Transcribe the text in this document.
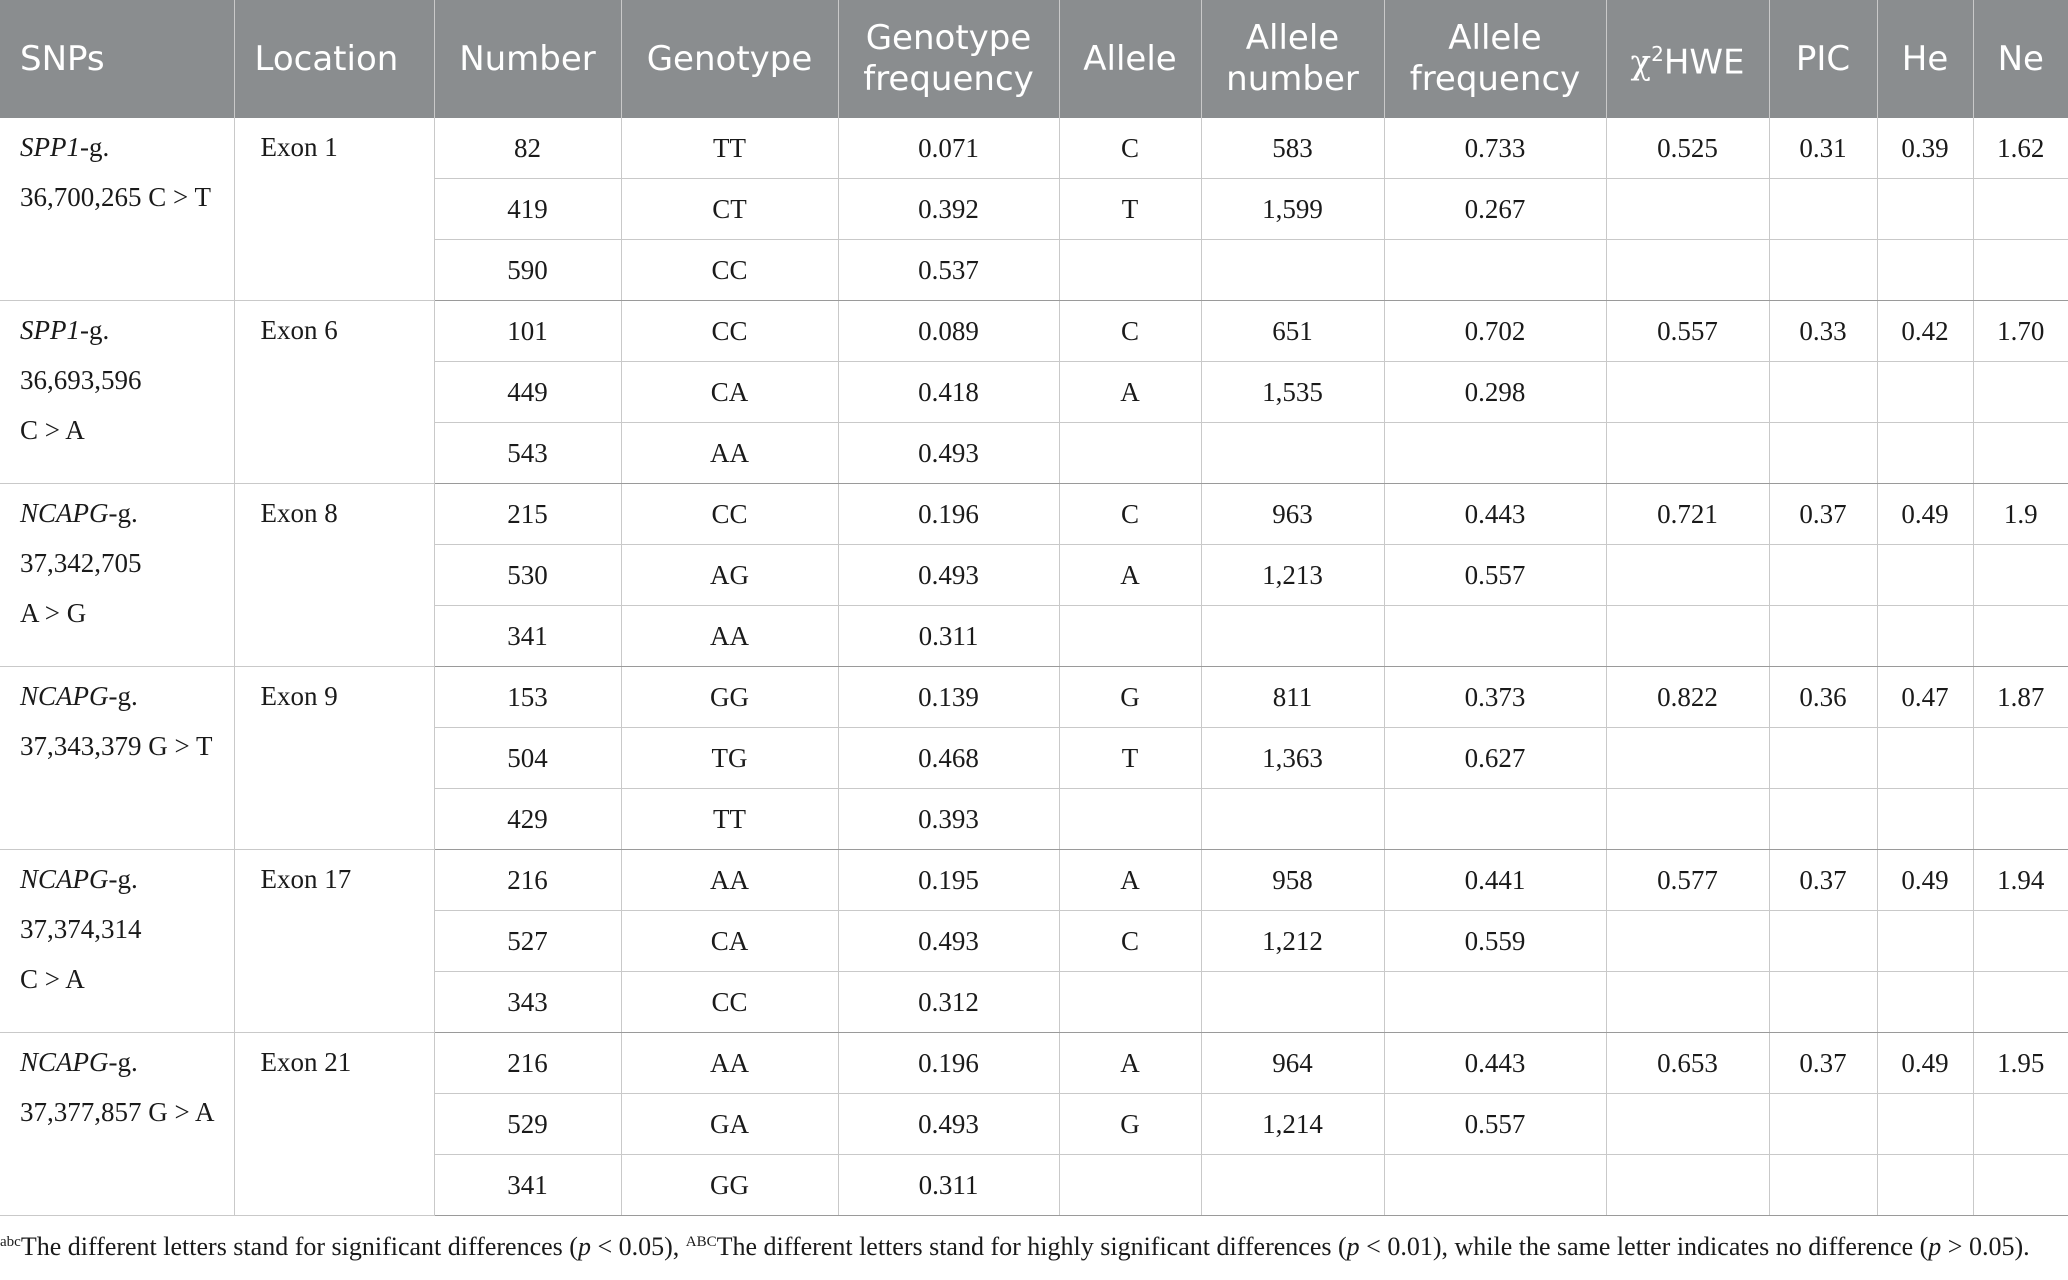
SNPs	Location	Number	Genotype	Genotype frequency	Allele	Allele number	Allele frequency	$\chi^2HWE$	PIC	He	Ne
SPP1-g.
36,700,265 C > T	Exon 1	82	TT	0.071	C	583	0.733	0.525	0.31	0.39	1.62
		419	CT	0.392	T	1,599	0.267				
		590	CC	0.537							
SPP1-g.
36,693,596
C > A	Exon 6	101	CC	0.089	C	651	0.702	0.557	0.33	0.42	1.70
		449	CA	0.418	A	1,535	0.298				
		543	AA	0.493							
NCAPG-g.
37,342,705
A > G	Exon 8	215	CC	0.196	C	963	0.443	0.721	0.37	0.49	1.9
		530	AG	0.493	A	1,213	0.557				
		341	AA	0.311							
NCAPG-g.
37,343,379 G > T	Exon 9	153	GG	0.139	G	811	0.373	0.822	0.36	0.47	1.87
		504	TG	0.468	T	1,363	0.627				
		429	TT	0.393							
NCAPG-g.
37,374,314
C > A	Exon 17	216	AA	0.195	A	958	0.441	0.577	0.37	0.49	1.94
		527	CA	0.493	C	1,212	0.559				
		343	CC	0.312							
NCAPG-g.
37,377,857 G > A	Exon 21	216	AA	0.196	A	964	0.443	0.653	0.37	0.49	1.95
		529	GA	0.493	G	1,214	0.557				
		341	GG	0.311							
$^{abc}$The different letters stand for significant differences (p < 0.05), $^{ABC}$The different letters stand for highly significant differences (p < 0.01), while the same letter indicates no difference (p > 0.05).
